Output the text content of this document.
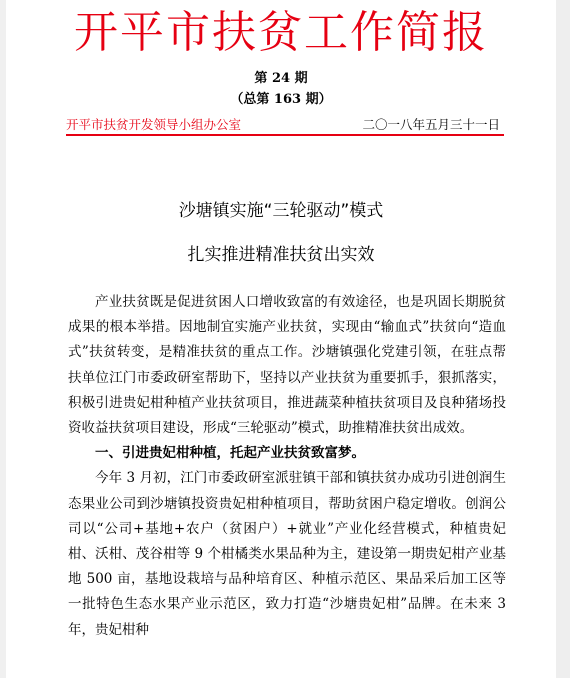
开平市扶贫工作简报
第 24 期
（总第 163 期）
开平市扶贫开发领导小组办公室	二〇一八年五月三十一日
沙塘镇实施“三轮驱动”模式
扎实推进精准扶贫出实效

产业扶贫既是促进贫困人口增收致富的有效途径，也是巩固长期脱贫成果的根本举措。因地制宜实施产业扶贫，实现由“输血式”扶贫向“造血式”扶贫转变，是精准扶贫的重点工作。沙塘镇强化党建引领，在驻点帮扶单位江门市委政研室帮助下，坚持以产业扶贫为重要抓手，狠抓落实，积极引进贵妃柑种植产业扶贫项目，推进蔬菜种植扶贫项目及良种猪场投资收益扶贫项目建设，形成“三轮驱动”模式，助推精准扶贫出成效。

一、引进贵妃柑种植，托起产业扶贫致富梦。

今年 3 月初，江门市委政研室派驻镇干部和镇扶贫办成功引进创润生态果业公司到沙塘镇投资贵妃柑种植项目，帮助贫困户稳定增收。创润公司以“公司+基地+农户（贫困户）+就业”产业化经营模式，种植贵妃柑、沃柑、茂谷柑等 9 个柑橘类水果品种为主，建设第一期贵妃柑产业基地 500 亩，基地设栽培与品种培育区、种植示范区、果品采后加工区等一批特色生态水果产业示范区，致力打造“沙塘贵妃柑”品牌。在未来 3 年，贵妃柑种
